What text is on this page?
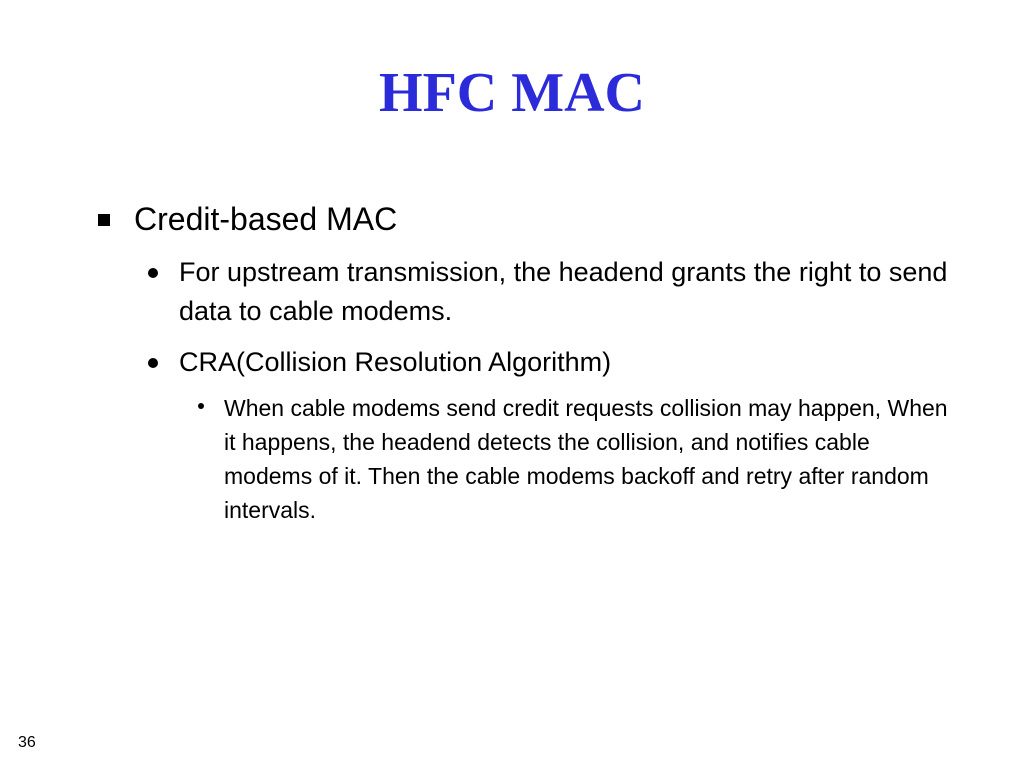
HFC MAC
Credit-based MAC
For upstream transmission, the headend grants the right to send data to cable modems.
CRA(Collision Resolution Algorithm)
When cable modems send credit requests collision may happen, When it happens, the headend detects the collision, and notifies cable modems of it. Then the cable modems backoff and retry after random intervals.
36
